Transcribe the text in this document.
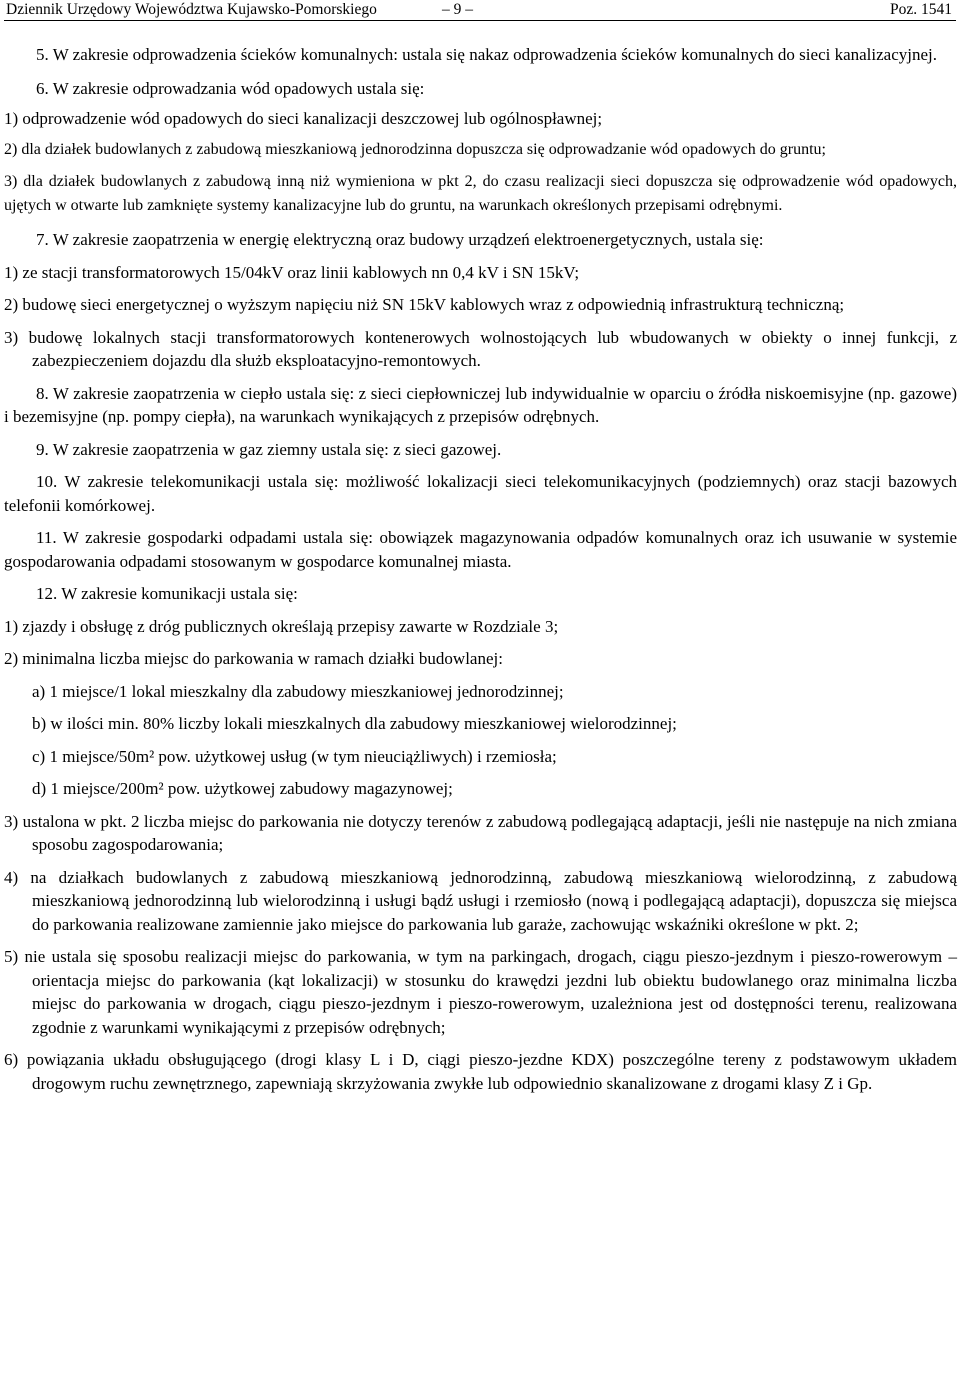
Dziennik Urzędowy Województwa Kujawsko-Pomorskiego	– 9 –	Poz. 1541

5. W zakresie odprowadzenia ścieków komunalnych: ustala się nakaz odprowadzenia ścieków komunalnych do sieci kanalizacyjnej.

6. W zakresie odprowadzania wód opadowych ustala się:

1) odprowadzenie wód opadowych do sieci kanalizacji deszczowej lub ogólnospławnej;

2) dla działek budowlanych z zabudową mieszkaniową jednorodzinna dopuszcza się odprowadzanie wód opadowych do gruntu;

3) dla działek budowlanych z zabudową inną niż wymieniona w pkt 2, do czasu realizacji sieci dopuszcza się odprowadzenie wód opadowych, ujętych w otwarte lub zamknięte systemy kanalizacyjne lub do gruntu, na warunkach określonych przepisami odrębnymi.

7. W zakresie zaopatrzenia w energię elektryczną oraz budowy urządzeń elektroenergetycznych, ustala się:

1) ze stacji transformatorowych 15/04kV oraz linii kablowych nn 0,4 kV i SN 15kV;

2) budowę sieci energetycznej o wyższym napięciu niż SN 15kV kablowych wraz z odpowiednią infrastrukturą techniczną;

3) budowę lokalnych stacji transformatorowych kontenerowych wolnostojących lub wbudowanych w obiekty o innej funkcji, z zabezpieczeniem dojazdu dla służb eksploatacyjno-remontowych.

8. W zakresie zaopatrzenia w ciepło ustala się: z sieci ciepłowniczej lub indywidualnie w oparciu o źródła niskoemisyjne (np. gazowe) i bezemisyjne (np. pompy ciepła), na warunkach wynikających z przepisów odrębnych.

9. W zakresie zaopatrzenia w gaz ziemny ustala się: z sieci gazowej.

10. W zakresie telekomunikacji ustala się: możliwość lokalizacji sieci telekomunikacyjnych (podziemnych) oraz stacji bazowych telefonii komórkowej.

11. W zakresie gospodarki odpadami ustala się: obowiązek magazynowania odpadów komunalnych oraz ich usuwanie w systemie gospodarowania odpadami stosowanym w gospodarce komunalnej miasta.

12. W zakresie komunikacji ustala się:

1) zjazdy i obsługę z dróg publicznych określają przepisy zawarte w Rozdziale 3;

2) minimalna liczba miejsc do parkowania w ramach działki budowlanej:

a) 1 miejsce/1 lokal mieszkalny dla zabudowy mieszkaniowej jednorodzinnej;

b) w ilości min. 80% liczby lokali mieszkalnych dla zabudowy mieszkaniowej wielorodzinnej;

c) 1 miejsce/50m² pow. użytkowej usług (w tym nieuciążliwych) i rzemiosła;

d) 1 miejsce/200m² pow. użytkowej zabudowy magazynowej;

3) ustalona w pkt. 2 liczba miejsc do parkowania nie dotyczy terenów z zabudową podlegającą adaptacji, jeśli nie następuje na nich zmiana sposobu zagospodarowania;

4) na działkach budowlanych z zabudową mieszkaniową jednorodzinną, zabudową mieszkaniową wielorodzinną, z zabudową mieszkaniową jednorodzinną lub wielorodzinną i usługi bądź usługi i rzemiosło (nową i podlegającą adaptacji), dopuszcza się miejsca do parkowania realizowane zamiennie jako miejsce do parkowania lub garaże, zachowując wskaźniki określone w pkt. 2;

5) nie ustala się sposobu realizacji miejsc do parkowania, w tym na parkingach, drogach, ciągu pieszo-jezdnym i pieszo-rowerowym – orientacja miejsc do parkowania (kąt lokalizacji) w stosunku do krawędzi jezdni lub obiektu budowlanego oraz minimalna liczba miejsc do parkowania w drogach, ciągu pieszo-jezdnym i pieszo-rowerowym, uzależniona jest od dostępności terenu, realizowana zgodnie z warunkami wynikającymi z przepisów odrębnych;

6) powiązania układu obsługującego (drogi klasy L i D, ciągi pieszo-jezdne KDX) poszczególne tereny z podstawowym układem drogowym ruchu zewnętrznego, zapewniają skrzyżowania zwykłe lub odpowiednio skanalizowane z drogami klasy Z i Gp.
